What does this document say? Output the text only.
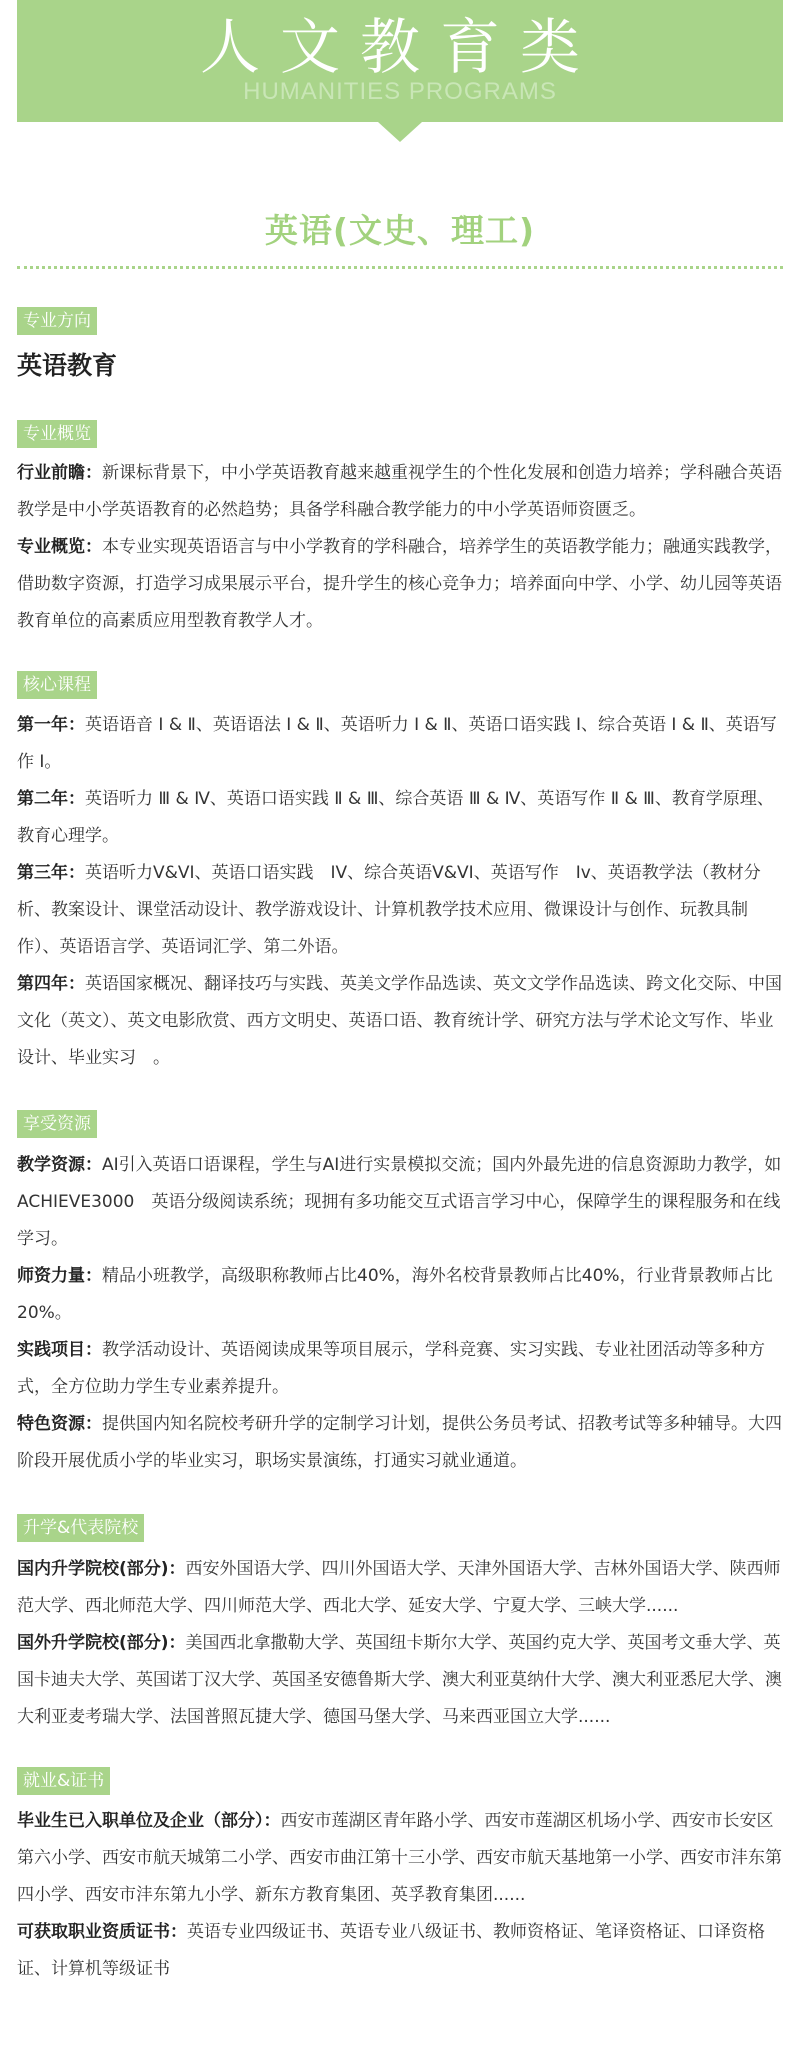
人文教育类
HUMANITIES PROGRAMS
英语(文史、理工)
专业方向
英语教育
专业概览

行业前瞻：新课标背景下，中小学英语教育越来越重视学生的个性化发展和创造力培养；学科融合英语教学是中小学英语教育的必然趋势；具备学科融合教学能力的中小学英语师资匮乏。

专业概览：本专业实现英语语言与中小学教育的学科融合，培养学生的英语教学能力；融通实践教学，借助数字资源，打造学习成果展示平台，提升学生的核心竞争力；培养面向中学、小学、幼儿园等英语教育单位的高素质应用型教育教学人才。

核心课程

第一年：英语语音 Ⅰ & Ⅱ、英语语法 Ⅰ & Ⅱ、英语听力 Ⅰ & Ⅱ、英语口语实践 Ⅰ、综合英语 Ⅰ & Ⅱ、英语写作 Ⅰ。

第二年：英语听力 Ⅲ & Ⅳ、英语口语实践 Ⅱ & Ⅲ、综合英语 Ⅲ & Ⅳ、英语写作 Ⅱ & Ⅲ、教育学原理、教育心理学。

第三年：英语听力V&VI、英语口语实践　IV、综合英语V&VI、英语写作　Iv、英语教学法（教材分析、教案设计、课堂活动设计、教学游戏设计、计算机教学技术应用、微课设计与创作、玩教具制作）、英语语言学、英语词汇学、第二外语。

第四年：英语国家概况、翻译技巧与实践、英美文学作品选读、英文文学作品选读、跨文化交际、中国文化（英文）、英文电影欣赏、西方文明史、英语口语、教育统计学、研究方法与学术论文写作、毕业设计、毕业实习　。

享受资源

教学资源：AI引入英语口语课程，学生与AI进行实景模拟交流；国内外最先进的信息资源助力教学，如ACHIEVE3000　英语分级阅读系统；现拥有多功能交互式语言学习中心，保障学生的课程服务和在线学习。

师资力量：精品小班教学，高级职称教师占比40%，海外名校背景教师占比40%，行业背景教师占比20%。

实践项目：教学活动设计、英语阅读成果等项目展示，学科竞赛、实习实践、专业社团活动等多种方式，全方位助力学生专业素养提升。

特色资源：提供国内知名院校考研升学的定制学习计划，提供公务员考试、招教考试等多种辅导。大四阶段开展优质小学的毕业实习，职场实景演练，打通实习就业通道。

升学&代表院校

国内升学院校(部分)：西安外国语大学、四川外国语大学、天津外国语大学、吉林外国语大学、陕西师范大学、西北师范大学、四川师范大学、西北大学、延安大学、宁夏大学、三峡大学......

国外升学院校(部分)：美国西北拿撒勒大学、英国纽卡斯尔大学、英国约克大学、英国考文垂大学、英国卡迪夫大学、英国诺丁汉大学、英国圣安德鲁斯大学、澳大利亚莫纳什大学、澳大利亚悉尼大学、澳大利亚麦考瑞大学、法国普照瓦捷大学、德国马堡大学、马来西亚国立大学......

就业&证书

毕业生已入职单位及企业（部分）：西安市莲湖区青年路小学、西安市莲湖区机场小学、西安市长安区第六小学、西安市航天城第二小学、西安市曲江第十三小学、西安市航天基地第一小学、西安市沣东第四小学、西安市沣东第九小学、新东方教育集团、英孚教育集团......

可获取职业资质证书：英语专业四级证书、英语专业八级证书、教师资格证、笔译资格证、口译资格证、计算机等级证书
